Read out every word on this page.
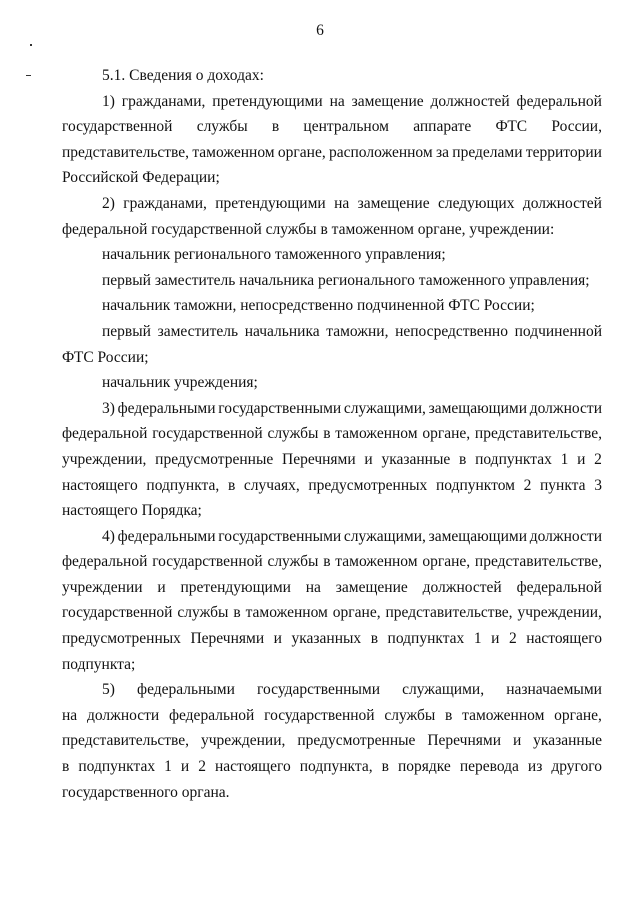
6
5.1. Сведения о доходах:
1) гражданами, претендующими на замещение должностей федеральной
государственной службы в центральном аппарате ФТС России,
представительстве, таможенном органе, расположенном за пределами территории
Российской Федерации;
2) гражданами, претендующими на замещение следующих должностей
федеральной государственной службы в таможенном органе, учреждении:
начальник регионального таможенного управления;
первый заместитель начальника регионального таможенного управления;
начальник таможни, непосредственно подчиненной ФТС России;
первый заместитель начальника таможни, непосредственно подчиненной
ФТС России;
начальник учреждения;
3) федеральными государственными служащими, замещающими должности
федеральной государственной службы в таможенном органе, представительстве,
учреждении, предусмотренные Перечнями и указанные в подпунктах 1 и 2
настоящего подпункта, в случаях, предусмотренных подпунктом 2 пункта 3
настоящего Порядка;
4) федеральными государственными служащими, замещающими должности
федеральной государственной службы в таможенном органе, представительстве,
учреждении и претендующими на замещение должностей федеральной
государственной службы в таможенном органе, представительстве, учреждении,
предусмотренных Перечнями и указанных в подпунктах 1 и 2 настоящего
подпункта;
5) федеральными государственными служащими, назначаемыми
на должности федеральной государственной службы в таможенном органе,
представительстве, учреждении, предусмотренные Перечнями и указанные
в подпунктах 1 и 2 настоящего подпункта, в порядке перевода из другого
государственного органа.
